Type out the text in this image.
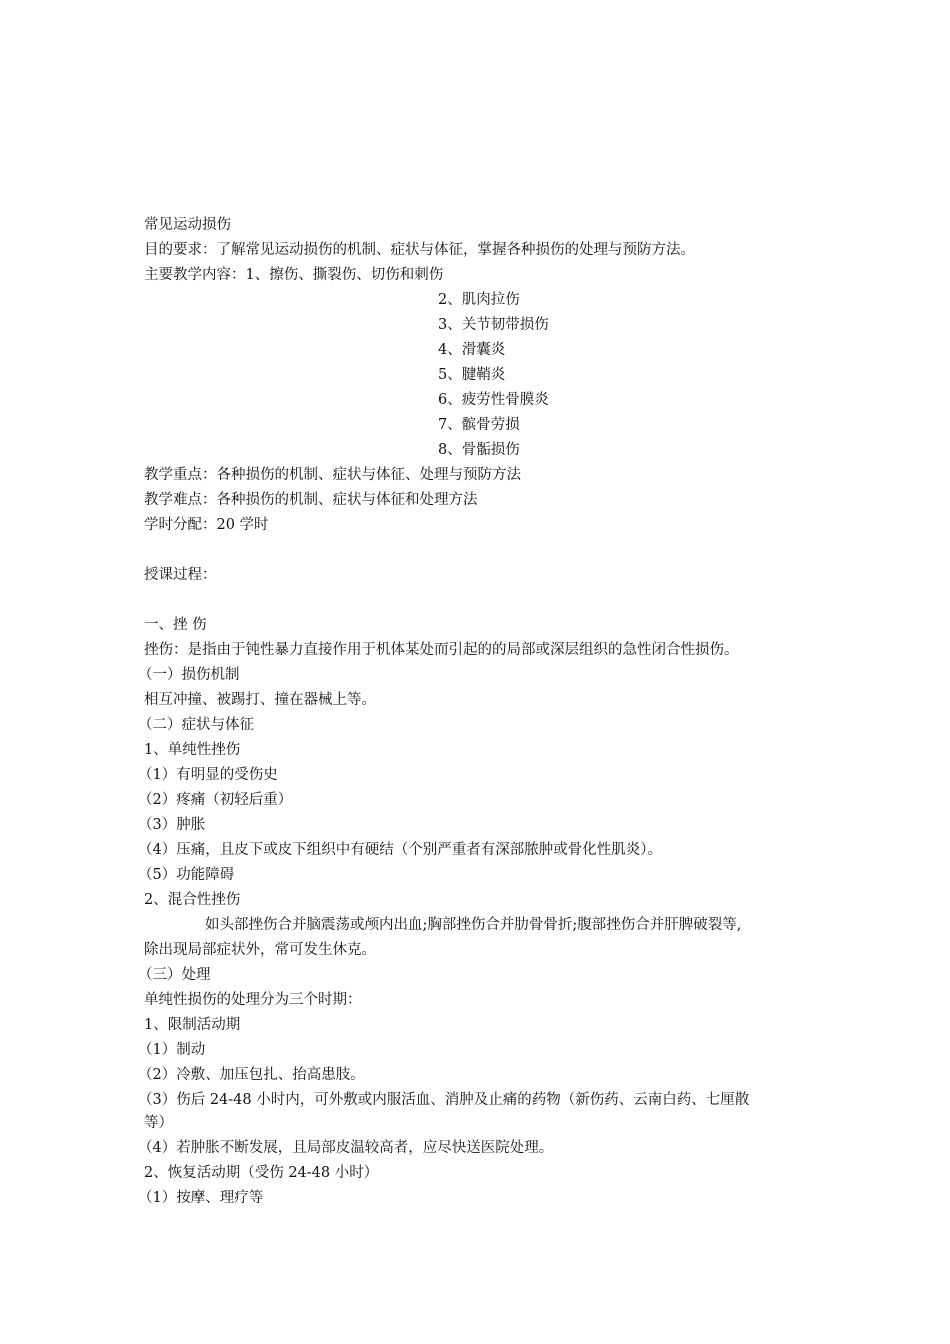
常见运动损伤
目的要求：了解常见运动损伤的机制、症状与体征，掌握各种损伤的处理与预防方法。
主要教学内容：1、擦伤、撕裂伤、切伤和刺伤
2、肌肉拉伤
3、关节韧带损伤
4、滑囊炎
5、腱鞘炎
6、疲劳性骨膜炎
7、髌骨劳损
8、骨骺损伤
教学重点：各种损伤的机制、症状与体征、处理与预防方法
教学难点：各种损伤的机制、症状与体征和处理方法
学时分配：20 学时
授课过程：
一、挫 伤
挫伤：是指由于钝性暴力直接作用于机体某处而引起的的局部或深层组织的急性闭合性损伤。
（一）损伤机制
相互冲撞、被踢打、撞在器械上等。
（二）症状与体征
1、单纯性挫伤
（1）有明显的受伤史
（2）疼痛（初轻后重）
（3）肿胀
（4）压痛，且皮下或皮下组织中有硬结（个别严重者有深部脓肿或骨化性肌炎）。
（5）功能障碍
2、混合性挫伤
如头部挫伤合并脑震荡或颅内出血;胸部挫伤合并肋骨骨折;腹部挫伤合并肝脾破裂等,
除出现局部症状外，常可发生休克。
（三）处理
单纯性损伤的处理分为三个时期：
1、限制活动期
（1）制动
（2）冷敷、加压包扎、抬高患肢。
（3）伤后 24-48 小时内，可外敷或内服活血、消肿及止痛的药物（新伤药、云南白药、七厘散
等）
（4）若肿胀不断发展，且局部皮温较高者，应尽快送医院处理。
2、恢复活动期（受伤 24-48 小时）
（1）按摩、理疗等
